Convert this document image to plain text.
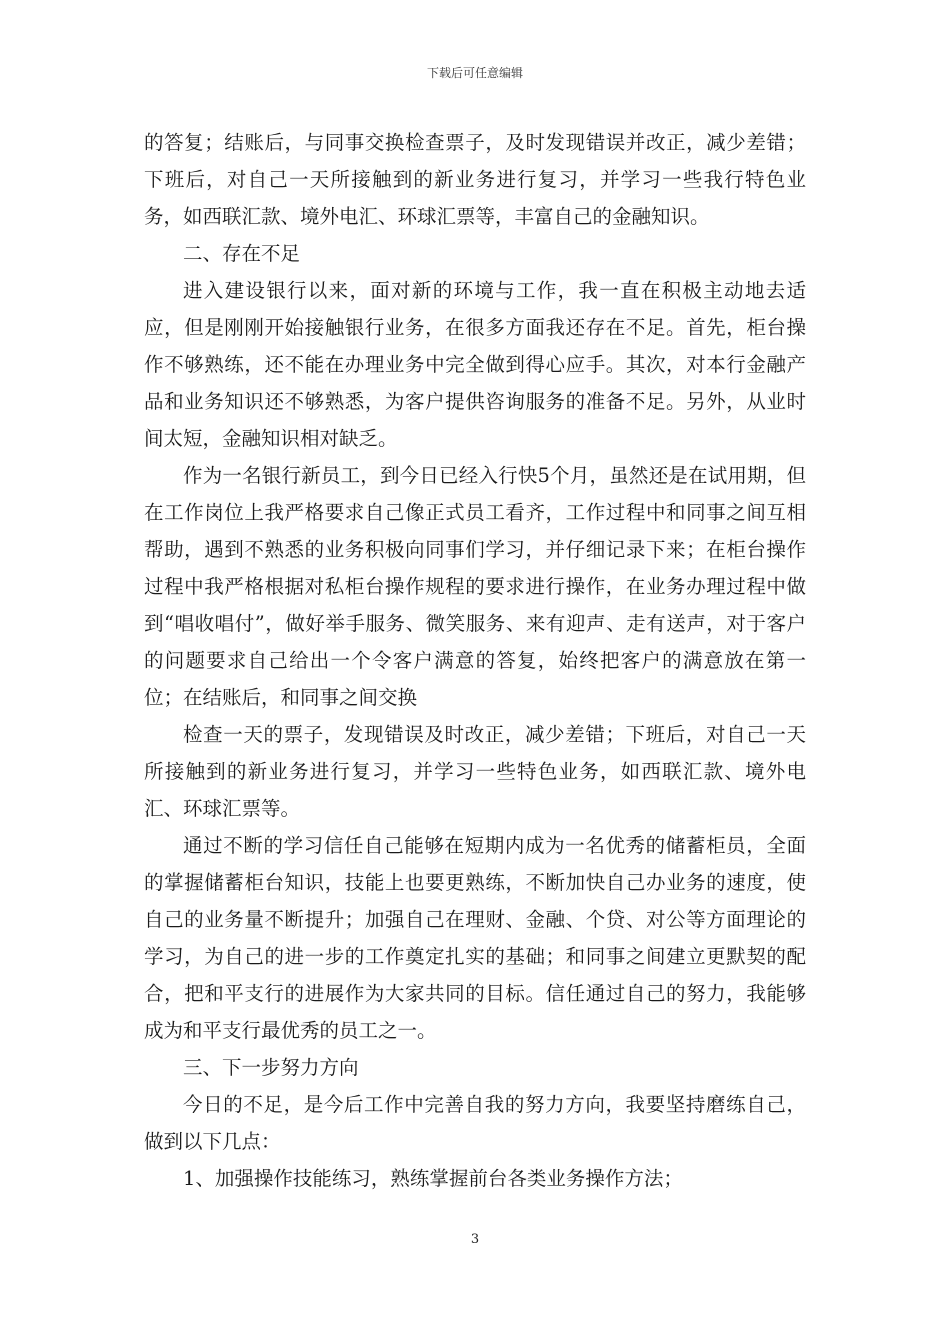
下载后可任意编辑

的答复；结账后，与同事交换检查票子，及时发现错误并改正，减少差错；下班后，对自己一天所接触到的新业务进行复习，并学习一些我行特色业务，如西联汇款、境外电汇、环球汇票等，丰富自己的金融知识。

二、存在不足

进入建设银行以来，面对新的环境与工作，我一直在积极主动地去适应，但是刚刚开始接触银行业务，在很多方面我还存在不足。首先，柜台操作不够熟练，还不能在办理业务中完全做到得心应手。其次，对本行金融产品和业务知识还不够熟悉，为客户提供咨询服务的准备不足。另外，从业时间太短，金融知识相对缺乏。

作为一名银行新员工，到今日已经入行快5个月，虽然还是在试用期，但在工作岗位上我严格要求自己像正式员工看齐，工作过程中和同事之间互相帮助，遇到不熟悉的业务积极向同事们学习，并仔细记录下来；在柜台操作过程中我严格根据对私柜台操作规程的要求进行操作，在业务办理过程中做到“唱收唱付”，做好举手服务、微笑服务、来有迎声、走有送声，对于客户的问题要求自己给出一个令客户满意的答复，始终把客户的满意放在第一位；在结账后，和同事之间交换

检查一天的票子，发现错误及时改正，减少差错；下班后，对自己一天所接触到的新业务进行复习，并学习一些特色业务，如西联汇款、境外电汇、环球汇票等。

通过不断的学习信任自己能够在短期内成为一名优秀的储蓄柜员，全面的掌握储蓄柜台知识，技能上也要更熟练，不断加快自己办业务的速度，使自己的业务量不断提升；加强自己在理财、金融、个贷、对公等方面理论的学习，为自己的进一步的工作奠定扎实的基础；和同事之间建立更默契的配合，把和平支行的进展作为大家共同的目标。信任通过自己的努力，我能够成为和平支行最优秀的员工之一。

三、下一步努力方向

今日的不足，是今后工作中完善自我的努力方向，我要坚持磨练自己，做到以下几点：

1、加强操作技能练习，熟练掌握前台各类业务操作方法；

3
